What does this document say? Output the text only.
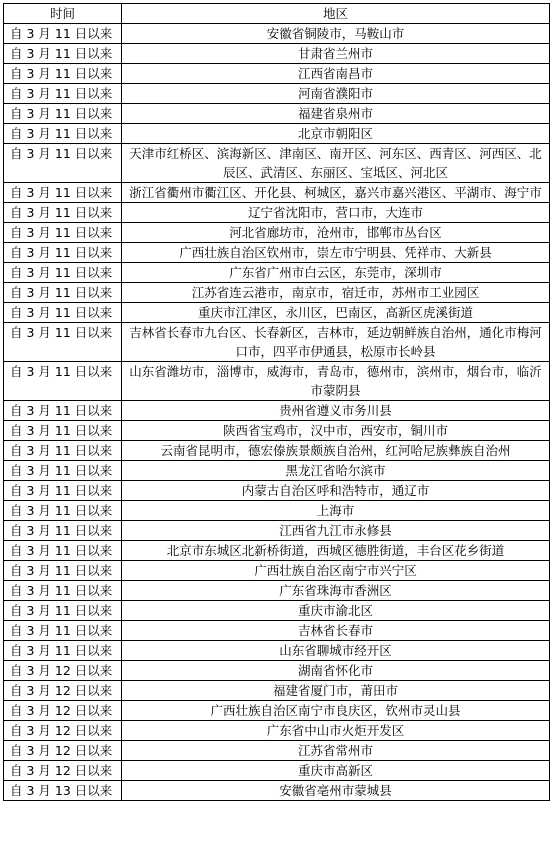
时间	地区
自 3 月 11 日以来	安徽省铜陵市，马鞍山市
自 3 月 11 日以来	甘肃省兰州市
自 3 月 11 日以来	江西省南昌市
自 3 月 11 日以来	河南省濮阳市
自 3 月 11 日以来	福建省泉州市
自 3 月 11 日以来	北京市朝阳区
自 3 月 11 日以来	天津市红桥区、滨海新区、津南区、南开区、河东区、西青区、河西区、北辰区、武清区、东丽区、宝坻区、河北区
自 3 月 11 日以来	浙江省衢州市衢江区、开化县、柯城区，嘉兴市嘉兴港区、平湖市、海宁市
自 3 月 11 日以来	辽宁省沈阳市，营口市，大连市
自 3 月 11 日以来	河北省廊坊市，沧州市，邯郸市丛台区
自 3 月 11 日以来	广西壮族自治区钦州市，崇左市宁明县、凭祥市、大新县
自 3 月 11 日以来	广东省广州市白云区，东莞市，深圳市
自 3 月 11 日以来	江苏省连云港市，南京市，宿迁市，苏州市工业园区
自 3 月 11 日以来	重庆市江津区，永川区，巴南区，高新区虎溪街道
自 3 月 11 日以来	吉林省长春市九台区、长春新区，吉林市，延边朝鲜族自治州，通化市梅河口市，四平市伊通县，松原市长岭县
自 3 月 11 日以来	山东省潍坊市，淄博市，威海市，青岛市，德州市，滨州市，烟台市，临沂市蒙阴县
自 3 月 11 日以来	贵州省遵义市务川县
自 3 月 11 日以来	陕西省宝鸡市，汉中市，西安市，铜川市
自 3 月 11 日以来	云南省昆明市，德宏傣族景颇族自治州，红河哈尼族彝族自治州
自 3 月 11 日以来	黑龙江省哈尔滨市
自 3 月 11 日以来	内蒙古自治区呼和浩特市，通辽市
自 3 月 11 日以来	上海市
自 3 月 11 日以来	江西省九江市永修县
自 3 月 11 日以来	北京市东城区北新桥街道，西城区德胜街道，丰台区花乡街道
自 3 月 11 日以来	广西壮族自治区南宁市兴宁区
自 3 月 11 日以来	广东省珠海市香洲区
自 3 月 11 日以来	重庆市渝北区
自 3 月 11 日以来	吉林省长春市
自 3 月 11 日以来	山东省聊城市经开区
自 3 月 12 日以来	湖南省怀化市
自 3 月 12 日以来	福建省厦门市，莆田市
自 3 月 12 日以来	广西壮族自治区南宁市良庆区，钦州市灵山县
自 3 月 12 日以来	广东省中山市火炬开发区
自 3 月 12 日以来	江苏省常州市
自 3 月 12 日以来	重庆市高新区
自 3 月 13 日以来	安徽省亳州市蒙城县
